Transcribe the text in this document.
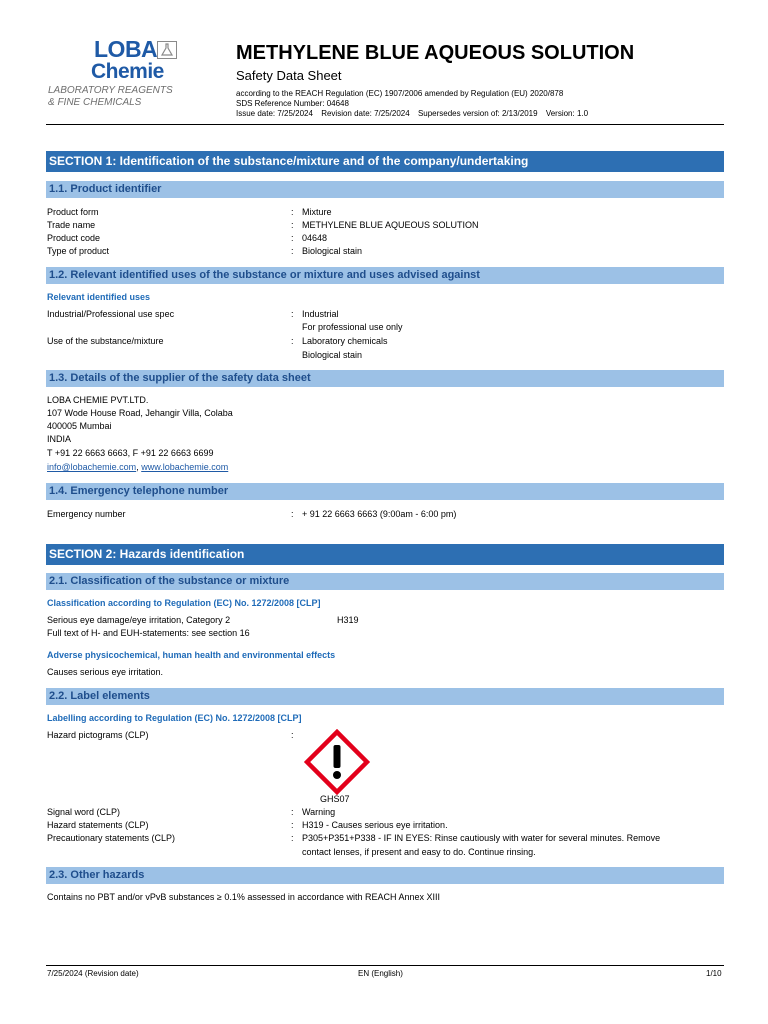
LOBA
Chemie
LABORATORY REAGENTS
& FINE CHEMICALS
METHYLENE BLUE AQUEOUS SOLUTION
Safety Data Sheet
according to the REACH Regulation (EC) 1907/2006 amended by Regulation (EU) 2020/878
SDS Reference Number: 04648
Issue date: 7/25/2024 Revision date: 7/25/2024 Supersedes version of: 2/13/2019 Version: 1.0
SECTION 1: Identification of the substance/mixture and of the company/undertaking
1.1. Product identifier
Product form	: Mixture
Trade name	: METHYLENE BLUE AQUEOUS SOLUTION
Product code	: 04648
Type of product	: Biological stain
1.2. Relevant identified uses of the substance or mixture and uses advised against
Relevant identified uses
Industrial/Professional use spec	: Industrial
For professional use only
Use of the substance/mixture	: Laboratory chemicals
Biological stain
1.3. Details of the supplier of the safety data sheet
LOBA CHEMIE PVT.LTD.
107 Wode House Road, Jehangir Villa, Colaba
400005 Mumbai
INDIA
T +91 22 6663 6663, F +91 22 6663 6699
info@lobachemie.com, www.lobachemie.com
1.4. Emergency telephone number
Emergency number	: + 91 22 6663 6663 (9:00am - 6:00 pm)
SECTION 2: Hazards identification
2.1. Classification of the substance or mixture
Classification according to Regulation (EC) No. 1272/2008 [CLP]
Serious eye damage/eye irritation, Category 2	H319
Full text of H- and EUH-statements: see section 16
Adverse physicochemical, human health and environmental effects
Causes serious eye irritation.
2.2. Label elements
Labelling according to Regulation (EC) No. 1272/2008 [CLP]
Hazard pictograms (CLP)	:
GHS07
Signal word (CLP)	: Warning
Hazard statements (CLP)	: H319 - Causes serious eye irritation.
Precautionary statements (CLP)	: P305+P351+P338 - IF IN EYES: Rinse cautiously with water for several minutes. Remove
contact lenses, if present and easy to do. Continue rinsing.
2.3. Other hazards
Contains no PBT and/or vPvB substances ≥ 0.1% assessed in accordance with REACH Annex XIII
7/25/2024 (Revision date)	EN (English)	1/10
